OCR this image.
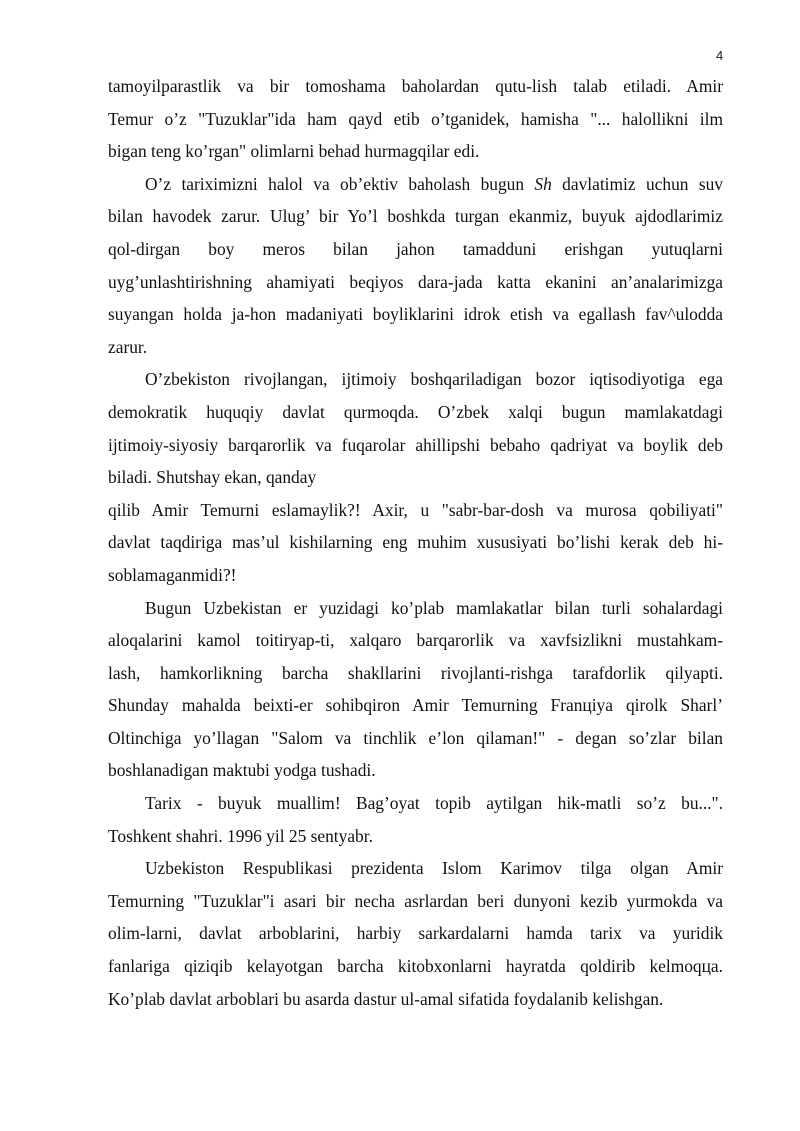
4

tamoyilparastlik va bir tomoshama baholardan qutu-lish talab etiladi. Amir
Temur o’z "Tuzuklar"ida ham qayd etib o’tganidek, hamisha "... halollikni ilm
bigan teng ko’rgan" olimlarni behad hurmagqilar edi.

O’z tariximizni halol va ob’ektiv baholash bugun Sh davlatimiz uchun suv
bilan havodek zarur. Ulug’ bir Yo’l boshkda turgan ekanmiz, buyuk ajdodlarimiz
qol-dirgan boy meros bilan jahon tamadduni erishgan yutuqlarni
uyg’unlashtirishning ahamiyati beqiyos dara-jada katta ekanini an’analarimizga
suyangan holda ja-hon madaniyati boyliklarini idrok etish va egallash fav^ulodda
zarur.

O’zbekiston rivojlangan, ijtimoiy boshqariladigan bozor iqtisodiyotiga ega
demokratik huquqiy davlat qurmoqda. O’zbek xalqi bugun mamlakatdagi
ijtimoiy-siyosiy barqarorlik va fuqarolar ahillipshi bebaho qadriyat va boylik deb
biladi. Shutshay ekan, qanday

qilib Amir Temurni eslamaylik?! Axir, u "sabr-bar-dosh va murosa qobiliyati"
davlat taqdiriga mas’ul kishilarning eng muhim xususiyati bo’lishi kerak deb hi-
soblamaganmidi?!

Bugun Uzbekistan er yuzidagi ko’plab mamlakatlar bilan turli sohalardagi
aloqalarini kamol toitiryap-ti, xalqaro barqarorlik va xavfsizlikni mustahkam-
lash, hamkorlikning barcha shakllarini rivojlanti-rishga tarafdorlik qilyapti.
Shunday mahalda beixti-er sohibqiron Amir Temurning Franцiya qirolk Sharl’
Oltinchiga yo’llagan "Salom va tinchlik e’lon qilaman!" - degan so’zlar bilan
boshlanadigan maktubi yodga tushadi.

Tarix - buyuk muallim! Bag’oyat topib aytilgan hik-matli so’z bu...".
Toshkent shahri. 1996 yil 25 sentyabr.

Uzbekiston Respublikasi prezidenta Islom Karimov tilga olgan Amir
Temurning "Tuzuklar"i asari bir necha asrlardan beri dunyoni kezib yurmokda va
olim-larni, davlat arboblarini, harbiy sarkardalarni hamda tarix va yuridik
fanlariga qiziqib kelayotgan barcha kitobxonlarni hayratda qoldirib kelmoqцa.
Ko’plab davlat arboblari bu asarda dastur ul-amal sifatida foydalanib kelishgan.
